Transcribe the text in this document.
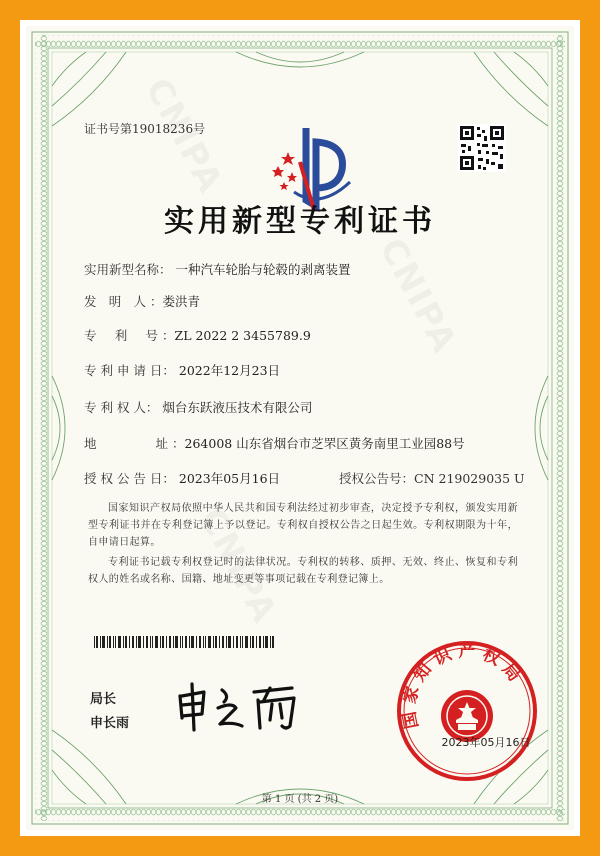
证书号第19018236号
实用新型专利证书
实用新型名称： 一种汽车轮胎与轮毂的剥离装置
发 明 人 ：娄洪青
专 利 号 ：ZL 2022 2 3455789.9
专 利 申 请 日： 2022年12月23日
专 利 权 人： 烟台东跃液压技术有限公司
地	址 ：264008 山东省烟台市芝罘区黄务南里工业园88号
授 权 公 告 日： 2023年05月16日	授权公告号：CN 219029035 U
国家知识产权局依照中华人民共和国专利法经过初步审查，决定授予专利权，颁发实用新型专利证书并在专利登记簿上予以登记。专利权自授权公告之日起生效。专利权期限为十年，自申请日起算。
专利证书记载专利权登记时的法律状况。专利权的转移、质押、无效、终止、恢复和专利权人的姓名或名称、国籍、地址变更等事项记载在专利登记簿上。
局长
申长雨	国 家 知 识 产 权 局
2023年05月16日
第 1 页 (共 2 页)
